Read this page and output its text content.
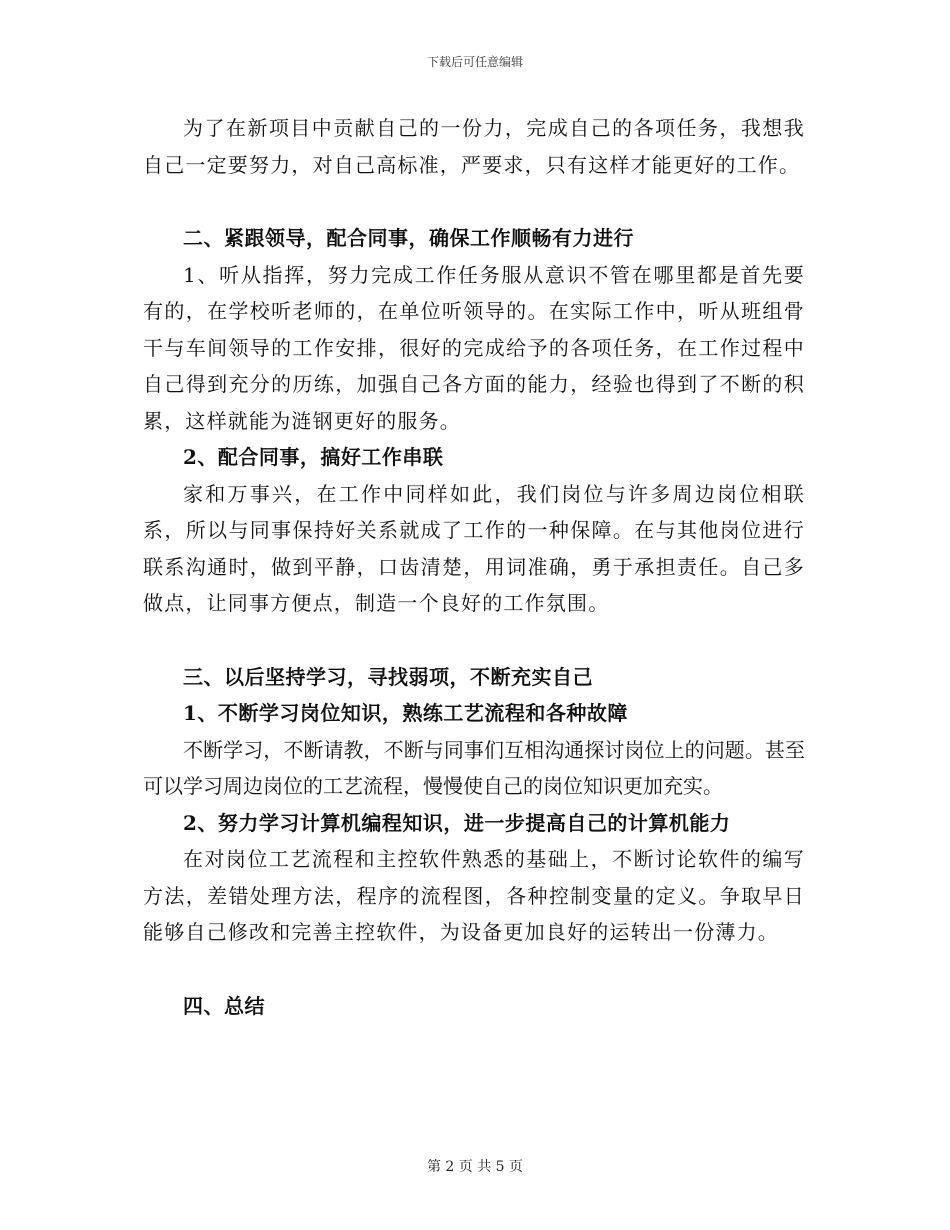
下载后可任意编辑

为了在新项目中贡献自己的一份力，完成自己的各项任务，我想我自己一定要努力，对自己高标准，严要求，只有这样才能更好的工作。

二、紧跟领导，配合同事，确保工作顺畅有力进行

1、听从指挥，努力完成工作任务服从意识不管在哪里都是首先要有的，在学校听老师的，在单位听领导的。在实际工作中，听从班组骨干与车间领导的工作安排，很好的完成给予的各项任务，在工作过程中自己得到充分的历练，加强自己各方面的能力，经验也得到了不断的积累，这样就能为涟钢更好的服务。

2、配合同事，搞好工作串联

家和万事兴，在工作中同样如此，我们岗位与许多周边岗位相联系，所以与同事保持好关系就成了工作的一种保障。在与其他岗位进行联系沟通时，做到平静，口齿清楚，用词准确，勇于承担责任。自己多做点，让同事方便点，制造一个良好的工作氛围。

三、以后坚持学习，寻找弱项，不断充实自己

1、不断学习岗位知识，熟练工艺流程和各种故障

不断学习，不断请教，不断与同事们互相沟通探讨岗位上的问题。甚至可以学习周边岗位的工艺流程，慢慢使自己的岗位知识更加充实。

2、努力学习计算机编程知识，进一步提高自己的计算机能力

在对岗位工艺流程和主控软件熟悉的基础上，不断讨论软件的编写方法，差错处理方法，程序的流程图，各种控制变量的定义。争取早日能够自己修改和完善主控软件，为设备更加良好的运转出一份薄力。

四、总结

第 2 页 共 5 页
